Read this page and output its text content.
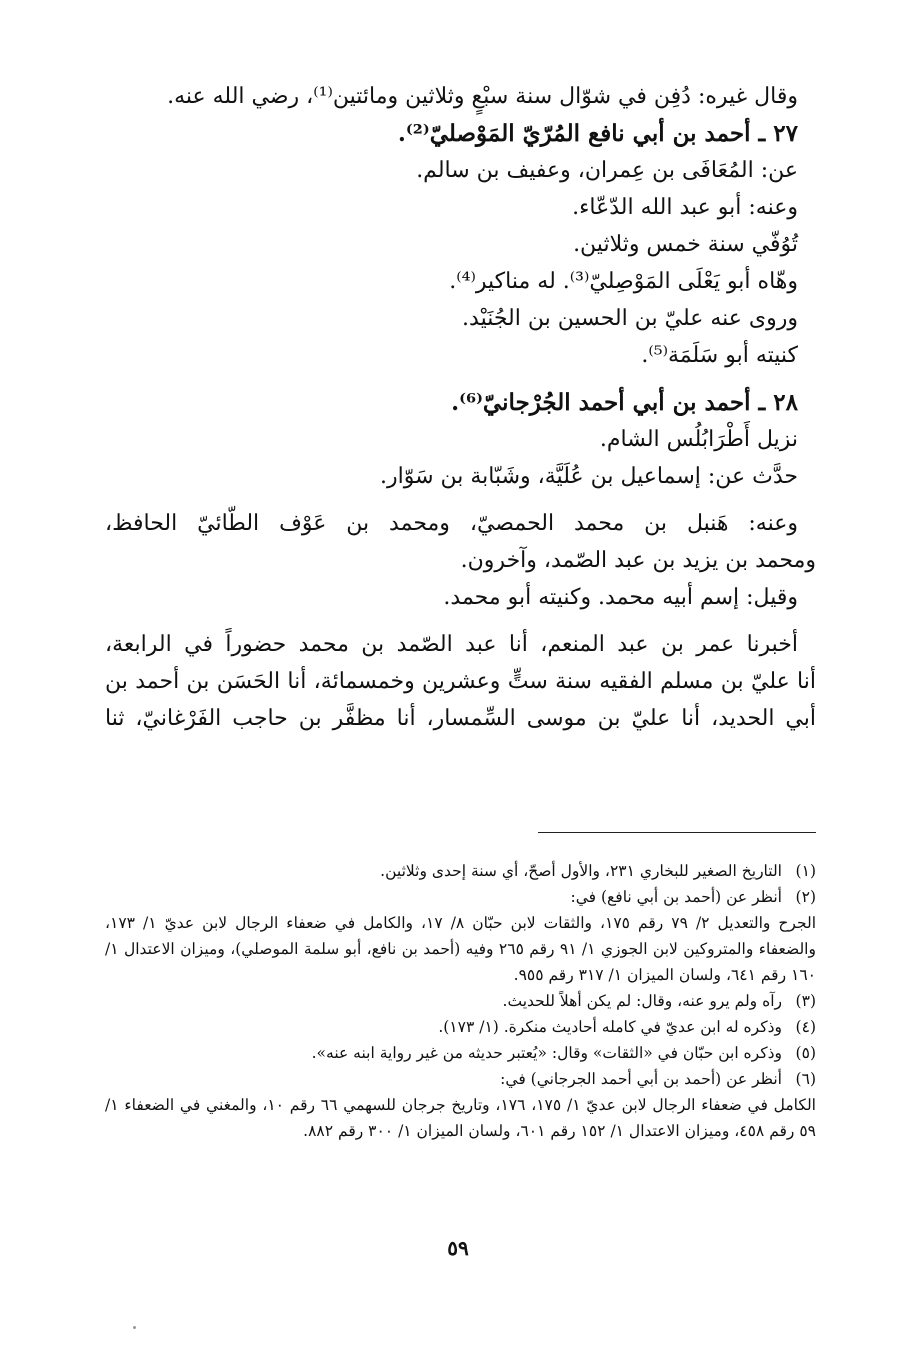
وقال غيره: دُفِن في شوّال سنة سبْعٍ وثلاثين ومائتين⁽¹⁾، رضي الله عنه.

٢٧ ـ أحمد بن أبي نافع المُرّيّ المَوْصليّ⁽²⁾.

عن: المُعَافَى بن عِمران، وعفيف بن سالم.

وعنه: أبو عبد الله الدّعّاء.

تُوُفّي سنة خمس وثلاثين.

وهّاه أبو يَعْلَى المَوْصِليّ⁽³⁾. له مناكير⁽⁴⁾.

وروى عنه عليّ بن الحسين بن الجُنَيْد.

كنيته أبو سَلَمَة⁽⁵⁾.

٢٨ ـ أحمد بن أبي أحمد الجُرْجانيّ⁽⁶⁾.

نزيل أَطْرَابُلُس الشام.

حدَّث عن: إسماعيل بن عُلَيَّة، وشَبّابة بن سَوّار.

وعنه: هَنبل بن محمد الحمصيّ، ومحمد بن عَوْف الطّائيّ الحافظ،

ومحمد بن يزيد بن عبد الصّمد، وآخرون.

وقيل: إسم أبيه محمد. وكنيته أبو محمد.

أخبرنا عمر بن عبد المنعم، أنا عبد الصّمد بن محمد حضوراً في الرابعة،

أنا عليّ بن مسلم الفقيه سنة ستٍّ وعشرين وخمسمائة، أنا الحَسَن بن أحمد بن

أبي الحديد، أنا عليّ بن موسى السِّمسار، أنا مظفَّر بن حاجب الفَرْغانيّ، ثنا

(١)التاريخ الصغير للبخاري ٢٣١، والأول أصحّ، أي سنة إحدى وثلاثين.

(٢)أنظر عن (أحمد بن أبي نافع) في:

الجرح والتعديل ٢/ ٧٩ رقم ١٧٥، والثقات لابن حبّان ٨/ ١٧، والكامل في ضعفاء الرجال لابن عديّ ١/ ١٧٣، والضعفاء والمتروكين لابن الجوزي ١/ ٩١ رقم ٢٦٥ وفيه (أحمد بن نافع، أبو سلمة الموصلي)، وميزان الاعتدال ١/ ١٦٠ رقم ٦٤١، ولسان الميزان ١/ ٣١٧ رقم ٩٥٥.

(٣)رآه ولم يرو عنه، وقال: لم يكن أهلاً للحديث.

(٤)وذكره له ابن عديّ في كامله أحاديث منكرة. (١/ ١٧٣).

(٥)وذكره ابن حبّان في «الثقات» وقال: «يُعتبر حديثه من غير رواية ابنه عنه».

(٦)أنظر عن (أحمد بن أبي أحمد الجرجاني) في:

الكامل في ضعفاء الرجال لابن عديّ ١/ ١٧٥، ١٧٦، وتاريخ جرجان للسهمي ٦٦ رقم ١٠، والمغني في الضعفاء ١/ ٥٩ رقم ٤٥٨، وميزان الاعتدال ١/ ١٥٢ رقم ٦٠١، ولسان الميزان ١/ ٣٠٠ رقم ٨٨٢.

٥٩
